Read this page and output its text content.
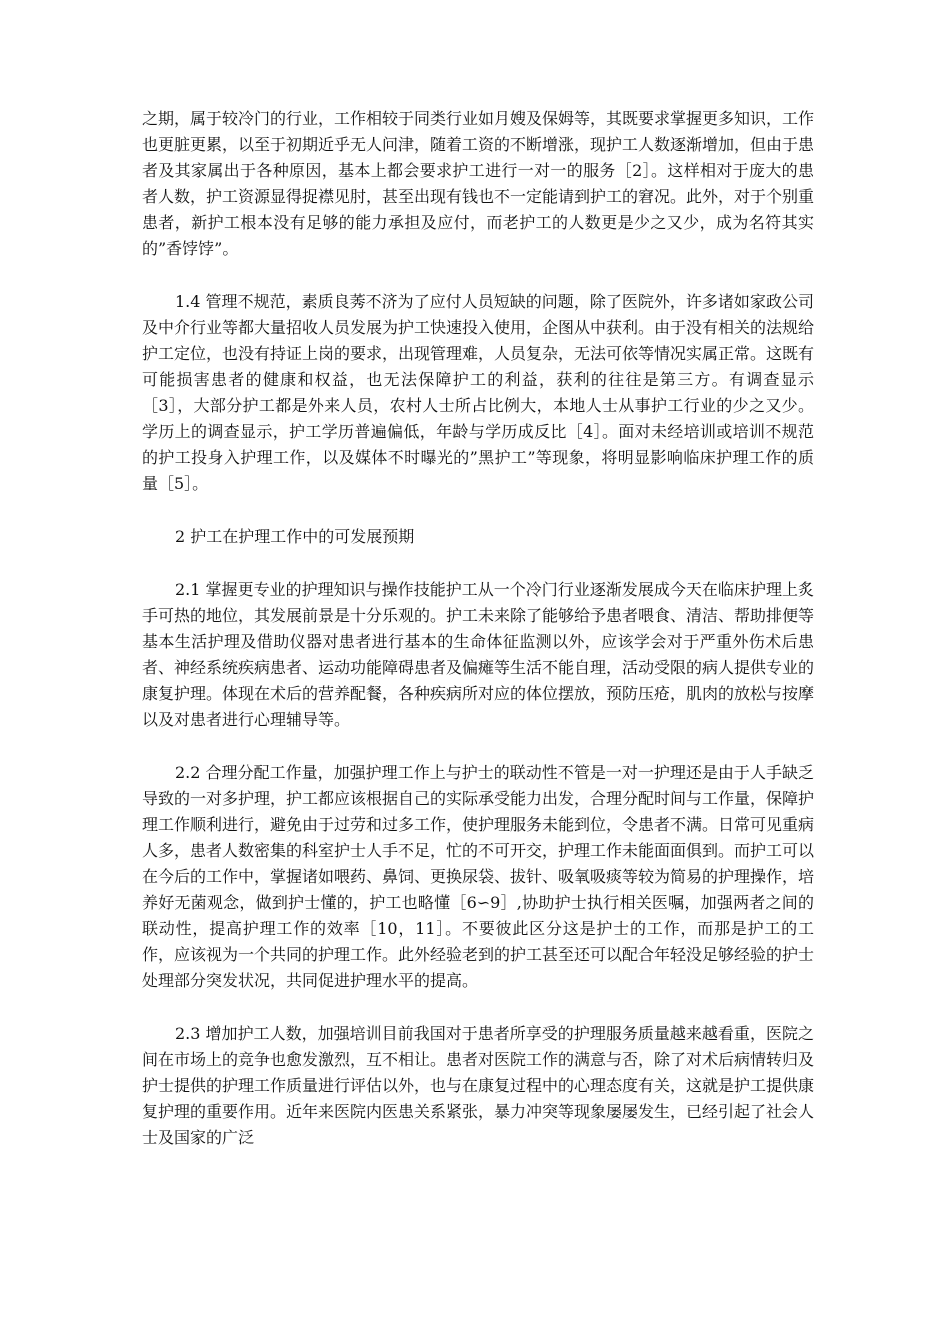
之期，属于较冷门的行业，工作相较于同类行业如月嫂及保姆等，其既要求掌握更多知识，工作也更脏更累，以至于初期近乎无人问津，随着工资的不断增涨，现护工人数逐渐增加，但由于患者及其家属出于各种原因，基本上都会要求护工进行一对一的服务［2］。这样相对于庞大的患者人数，护工资源显得捉襟见肘，甚至出现有钱也不一定能请到护工的窘况。此外，对于个别重患者，新护工根本没有足够的能力承担及应付，而老护工的人数更是少之又少，成为名符其实的”香饽饽”。

1.4 管理不规范，素质良莠不济为了应付人员短缺的问题，除了医院外，许多诸如家政公司及中介行业等都大量招收人员发展为护工快速投入使用，企图从中获利。由于没有相关的法规给护工定位，也没有持证上岗的要求，出现管理难，人员复杂，无法可依等情况实属正常。这既有可能损害患者的健康和权益，也无法保障护工的利益，获利的往往是第三方。有调查显示［3］，大部分护工都是外来人员，农村人士所占比例大，本地人士从事护工行业的少之又少。学历上的调查显示，护工学历普遍偏低，年龄与学历成反比［4］。面对未经培训或培训不规范的护工投身入护理工作，以及媒体不时曝光的”黑护工”等现象，将明显影响临床护理工作的质量［5］。

2 护工在护理工作中的可发展预期

2.1 掌握更专业的护理知识与操作技能护工从一个冷门行业逐渐发展成今天在临床护理上炙手可热的地位，其发展前景是十分乐观的。护工未来除了能够给予患者喂食、清洁、帮助排便等基本生活护理及借助仪器对患者进行基本的生命体征监测以外，应该学会对于严重外伤术后患者、神经系统疾病患者、运动功能障碍患者及偏瘫等生活不能自理，活动受限的病人提供专业的康复护理。体现在术后的营养配餐，各种疾病所对应的体位摆放，预防压疮，肌肉的放松与按摩以及对患者进行心理辅导等。

2.2 合理分配工作量，加强护理工作上与护士的联动性不管是一对一护理还是由于人手缺乏导致的一对多护理，护工都应该根据自己的实际承受能力出发，合理分配时间与工作量，保障护理工作顺利进行，避免由于过劳和过多工作，使护理服务未能到位，令患者不满。日常可见重病人多，患者人数密集的科室护士人手不足，忙的不可开交，护理工作未能面面俱到。而护工可以在今后的工作中，掌握诸如喂药、鼻饲、更换尿袋、拔针、吸氧吸痰等较为简易的护理操作，培养好无菌观念，做到护士懂的，护工也略懂［6∽9］,协助护士执行相关医嘱，加强两者之间的联动性，提高护理工作的效率［10，11］。不要彼此区分这是护士的工作，而那是护工的工作，应该视为一个共同的护理工作。此外经验老到的护工甚至还可以配合年轻没足够经验的护士处理部分突发状况，共同促进护理水平的提高。

2.3 增加护工人数，加强培训目前我国对于患者所享受的护理服务质量越来越看重，医院之间在市场上的竞争也愈发激烈，互不相让。患者对医院工作的满意与否，除了对术后病情转归及护士提供的护理工作质量进行评估以外，也与在康复过程中的心理态度有关，这就是护工提供康复护理的重要作用。近年来医院内医患关系紧张，暴力冲突等现象屡屡发生，已经引起了社会人士及国家的广泛
